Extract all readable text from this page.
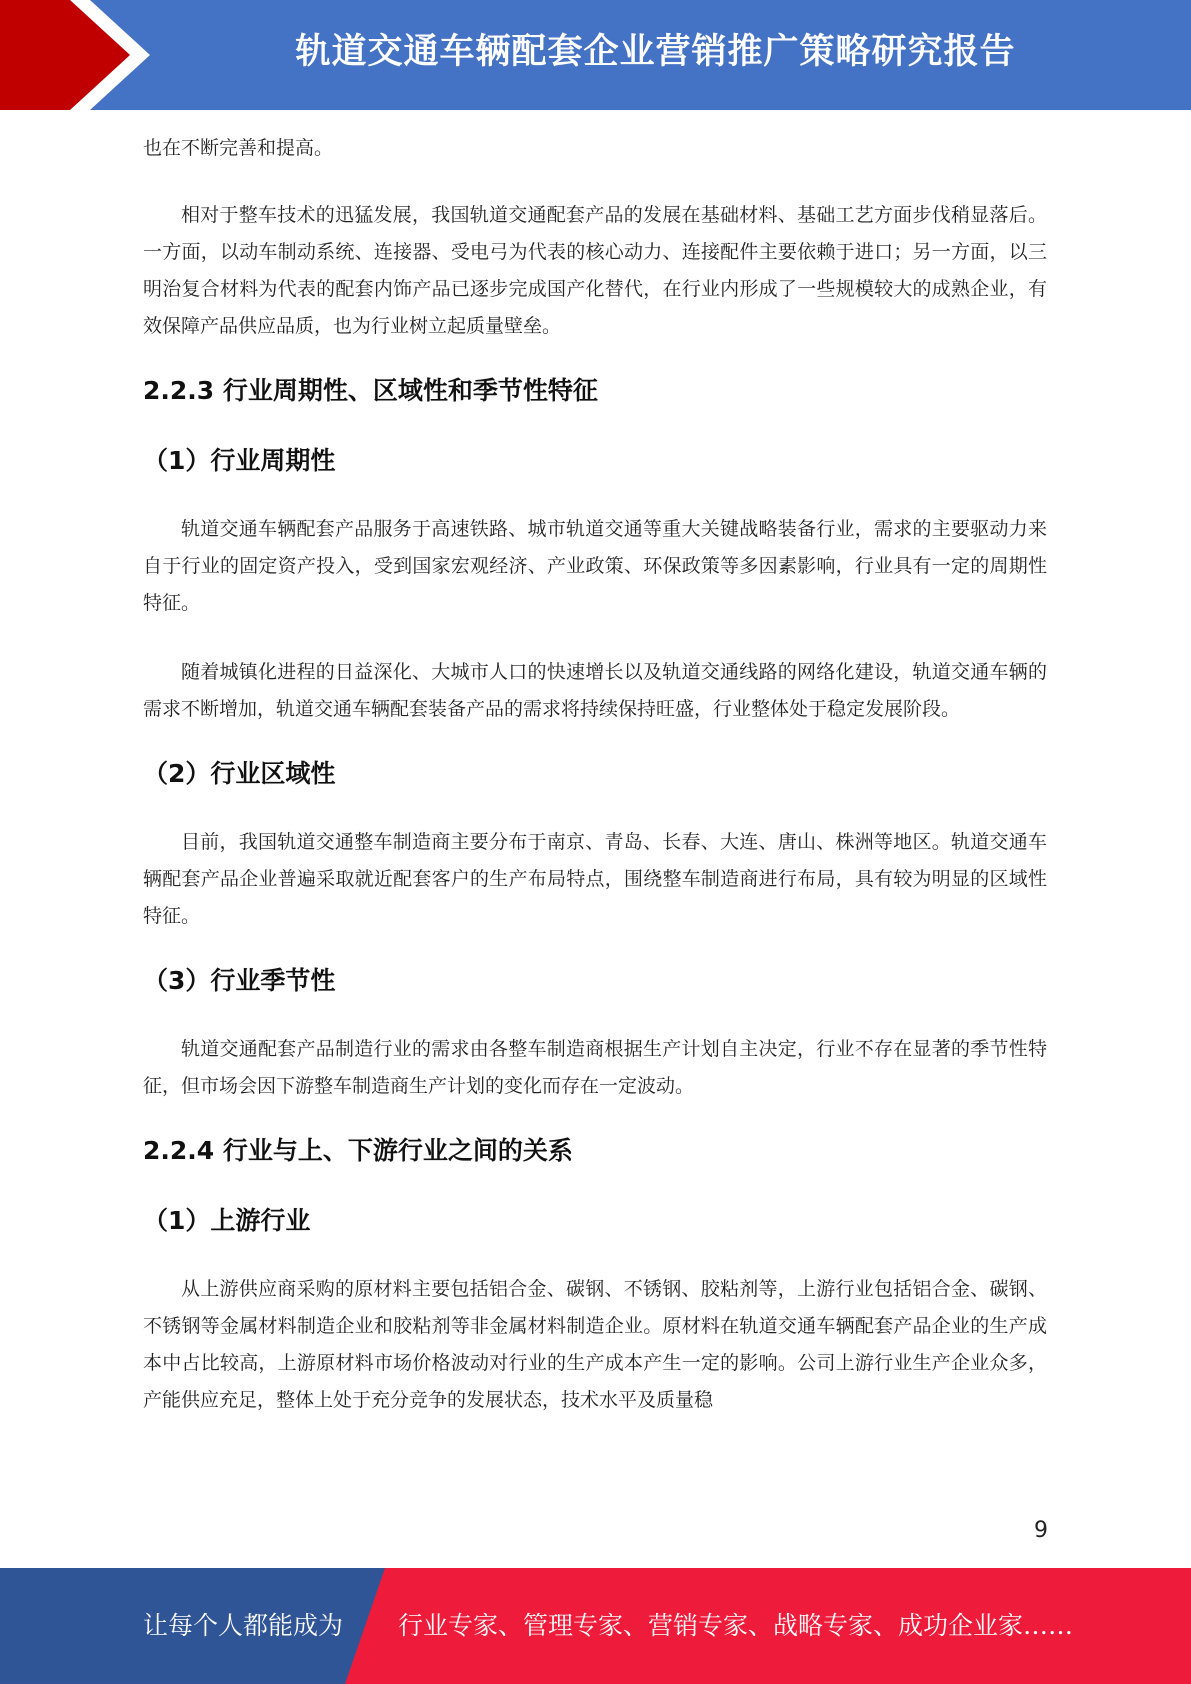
轨道交通车辆配套企业营销推广策略研究报告

也在不断完善和提高。

相对于整车技术的迅猛发展，我国轨道交通配套产品的发展在基础材料、基础工艺方面步伐稍显落后。一方面，以动车制动系统、连接器、受电弓为代表的核心动力、连接配件主要依赖于进口；另一方面，以三明治复合材料为代表的配套内饰产品已逐步完成国产化替代，在行业内形成了一些规模较大的成熟企业，有效保障产品供应品质，也为行业树立起质量壁垒。

2.2.3 行业周期性、区域性和季节性特征
（1）行业周期性

轨道交通车辆配套产品服务于高速铁路、城市轨道交通等重大关键战略装备行业，需求的主要驱动力来自于行业的固定资产投入，受到国家宏观经济、产业政策、环保政策等多因素影响，行业具有一定的周期性特征。

随着城镇化进程的日益深化、大城市人口的快速增长以及轨道交通线路的网络化建设，轨道交通车辆的需求不断增加，轨道交通车辆配套装备产品的需求将持续保持旺盛，行业整体处于稳定发展阶段。

（2）行业区域性

目前，我国轨道交通整车制造商主要分布于南京、青岛、长春、大连、唐山、株洲等地区。轨道交通车辆配套产品企业普遍采取就近配套客户的生产布局特点，围绕整车制造商进行布局，具有较为明显的区域性特征。

（3）行业季节性

轨道交通配套产品制造行业的需求由各整车制造商根据生产计划自主决定，行业不存在显著的季节性特征，但市场会因下游整车制造商生产计划的变化而存在一定波动。

2.2.4 行业与上、下游行业之间的关系
（1）上游行业

从上游供应商采购的原材料主要包括铝合金、碳钢、不锈钢、胶粘剂等，上游行业包括铝合金、碳钢、不锈钢等金属材料制造企业和胶粘剂等非金属材料制造企业。原材料在轨道交通车辆配套产品企业的生产成本中占比较高，上游原材料市场价格波动对行业的生产成本产生一定的影响。公司上游行业生产企业众多，产能供应充足，整体上处于充分竞争的发展状态，技术水平及质量稳

9
让每个人都能成为 行业专家、管理专家、营销专家、战略专家、成功企业家……
